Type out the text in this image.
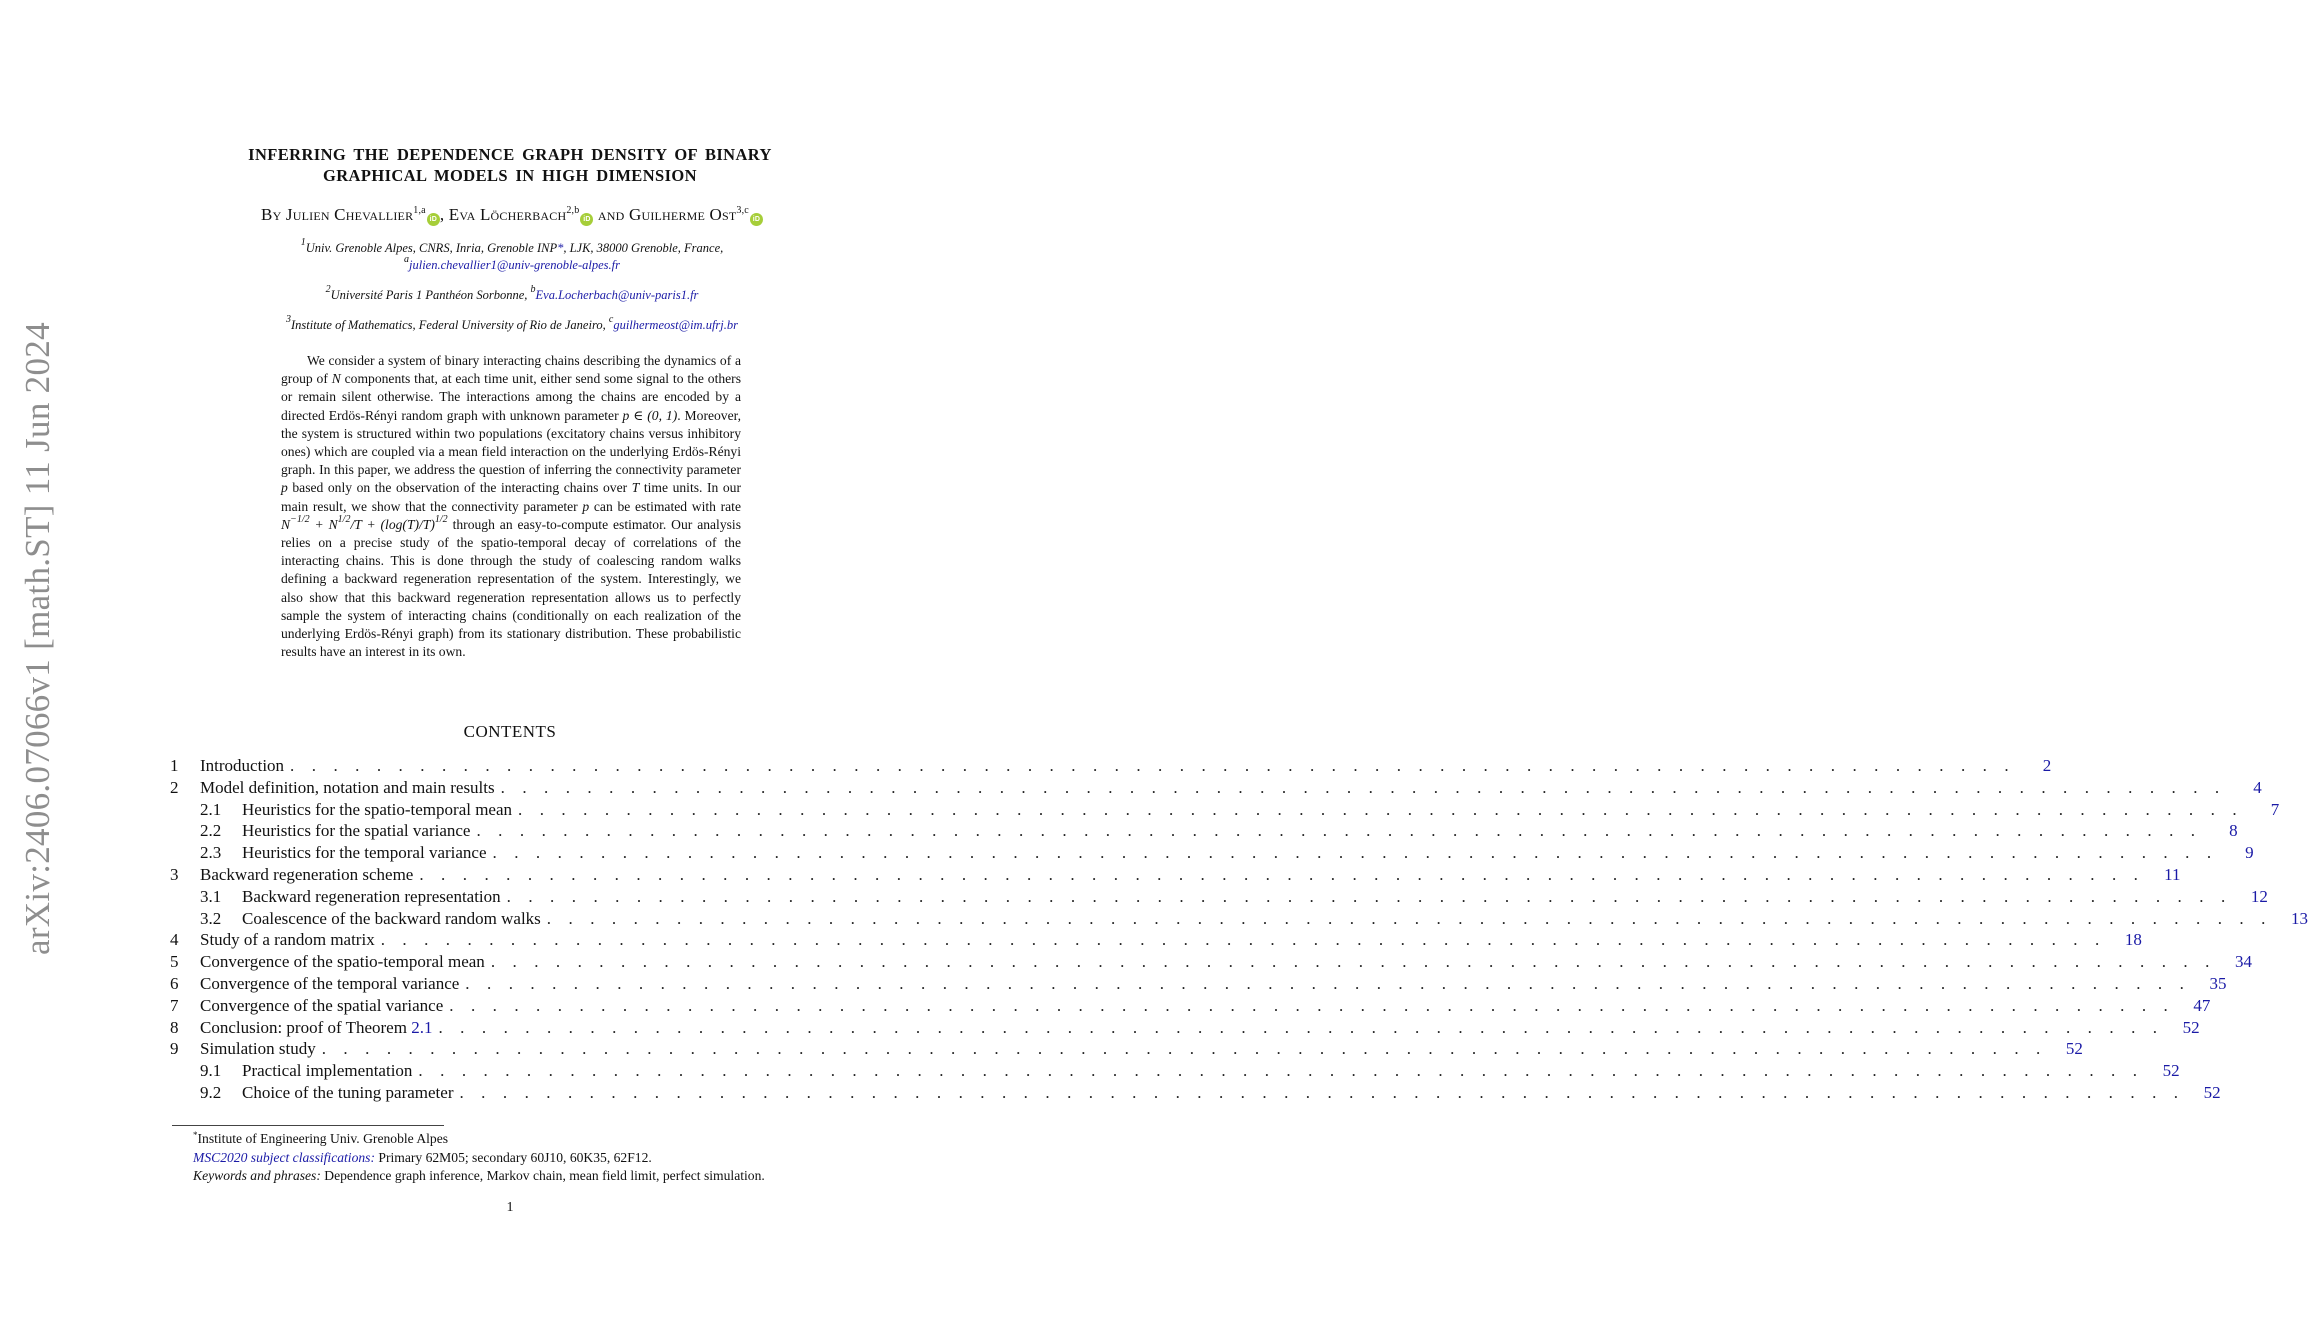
arXiv:2406.07066v1 [math.ST] 11 Jun 2024
INFERRING THE DEPENDENCE GRAPH DENSITY OF BINARY
GRAPHICAL MODELS IN HIGH DIMENSION
By Julien Chevallier$^{1,a}$iD , Eva Löcherbach$^{2,b}$iD and Guilherme Ost$^{3,c}$iD
$^1$Univ. Grenoble Alpes, CNRS, Inria, Grenoble INP*, LJK, 38000 Grenoble, France,
$^a$julien.chevallier1@univ-grenoble-alpes.fr
$^2$Université Paris 1 Panthéon Sorbonne, $^b$Eva.Locherbach@univ-paris1.fr
$^3$Institute of Mathematics, Federal University of Rio de Janeiro, $^c$guilhermeost@im.ufrj.br

We consider a system of binary interacting chains describing the dynamics of a group of N components that, at each time unit, either send some signal to the others or remain silent otherwise. The interactions among the chains are encoded by a directed Erdös-Rényi random graph with unknown parameter p ∈ (0, 1). Moreover, the system is structured within two populations (excitatory chains versus inhibitory ones) which are coupled via a mean field interaction on the underlying Erdös-Rényi graph. In this paper, we address the question of inferring the connectivity parameter p based only on the observation of the interacting chains over T time units. In our main result, we show that the connectivity parameter p can be estimated with rate $N^{-1/2} + N^{1/2}/T + (\log(T)/T)^{1/2}$ through an easy-to-compute estimator. Our analysis relies on a precise study of the spatio-temporal decay of correlations of the interacting chains. This is done through the study of coalescing random walks defining a backward regeneration representation of the system. Interestingly, we also show that this backward regeneration representation allows us to perfectly sample the system of interacting chains (conditionally on each realization of the underlying Erdös-Rényi graph) from its stationary distribution. These probabilistic results have an interest in its own.

CONTENTS
1	Introduction . . . . . . . . . . . . . . . . . . . . . . . . . . . . . . . . . . . . . . . . . . . . . . . . . . . . . . . . . . . . . . . . . . . . . . . . . . . . . . . .	2
2	Model definition, notation and main results . . . . . . . . . . . . . . . . . . . . . . . . . . . . . . . . . . . . . . . . . . . . . . . . . . . . . . . . . . . . . . . . . . . . . . . . . . . . . . . .	4
2.1	Heuristics for the spatio-temporal mean . . . . . . . . . . . . . . . . . . . . . . . . . . . . . . . . . . . . . . . . . . . . . . . . . . . . . . . . . . . . . . . . . . . . . . . . . . . . . . . .	7
2.2	Heuristics for the spatial variance . . . . . . . . . . . . . . . . . . . . . . . . . . . . . . . . . . . . . . . . . . . . . . . . . . . . . . . . . . . . . . . . . . . . . . . . . . . . . . . .	8
2.3	Heuristics for the temporal variance . . . . . . . . . . . . . . . . . . . . . . . . . . . . . . . . . . . . . . . . . . . . . . . . . . . . . . . . . . . . . . . . . . . . . . . . . . . . . . . .	9
3	Backward regeneration scheme . . . . . . . . . . . . . . . . . . . . . . . . . . . . . . . . . . . . . . . . . . . . . . . . . . . . . . . . . . . . . . . . . . . . . . . . . . . . . . . .	11
3.1	Backward regeneration representation . . . . . . . . . . . . . . . . . . . . . . . . . . . . . . . . . . . . . . . . . . . . . . . . . . . . . . . . . . . . . . . . . . . . . . . . . . . . . . . .	12
3.2	Coalescence of the backward random walks . . . . . . . . . . . . . . . . . . . . . . . . . . . . . . . . . . . . . . . . . . . . . . . . . . . . . . . . . . . . . . . . . . . . . . . . . . . . . . . .	13
4	Study of a random matrix . . . . . . . . . . . . . . . . . . . . . . . . . . . . . . . . . . . . . . . . . . . . . . . . . . . . . . . . . . . . . . . . . . . . . . . . . . . . . . . .	18
5	Convergence of the spatio-temporal mean . . . . . . . . . . . . . . . . . . . . . . . . . . . . . . . . . . . . . . . . . . . . . . . . . . . . . . . . . . . . . . . . . . . . . . . . . . . . . . . .	34
6	Convergence of the temporal variance . . . . . . . . . . . . . . . . . . . . . . . . . . . . . . . . . . . . . . . . . . . . . . . . . . . . . . . . . . . . . . . . . . . . . . . . . . . . . . . .	35
7	Convergence of the spatial variance . . . . . . . . . . . . . . . . . . . . . . . . . . . . . . . . . . . . . . . . . . . . . . . . . . . . . . . . . . . . . . . . . . . . . . . . . . . . . . . .	47
8	Conclusion: proof of Theorem 2.1 . . . . . . . . . . . . . . . . . . . . . . . . . . . . . . . . . . . . . . . . . . . . . . . . . . . . . . . . . . . . . . . . . . . . . . . . . . . . . . . .	52
9	Simulation study . . . . . . . . . . . . . . . . . . . . . . . . . . . . . . . . . . . . . . . . . . . . . . . . . . . . . . . . . . . . . . . . . . . . . . . . . . . . . . . .	52
9.1	Practical implementation . . . . . . . . . . . . . . . . . . . . . . . . . . . . . . . . . . . . . . . . . . . . . . . . . . . . . . . . . . . . . . . . . . . . . . . . . . . . . . . .	52
9.2	Choice of the tuning parameter . . . . . . . . . . . . . . . . . . . . . . . . . . . . . . . . . . . . . . . . . . . . . . . . . . . . . . . . . . . . . . . . . . . . . . . . . . . . . . . .	52
*Institute of Engineering Univ. Grenoble Alpes
MSC2020 subject classifications: Primary 62M05; secondary 60J10, 60K35, 62F12.
Keywords and phrases: Dependence graph inference, Markov chain, mean field limit, perfect simulation.
1
